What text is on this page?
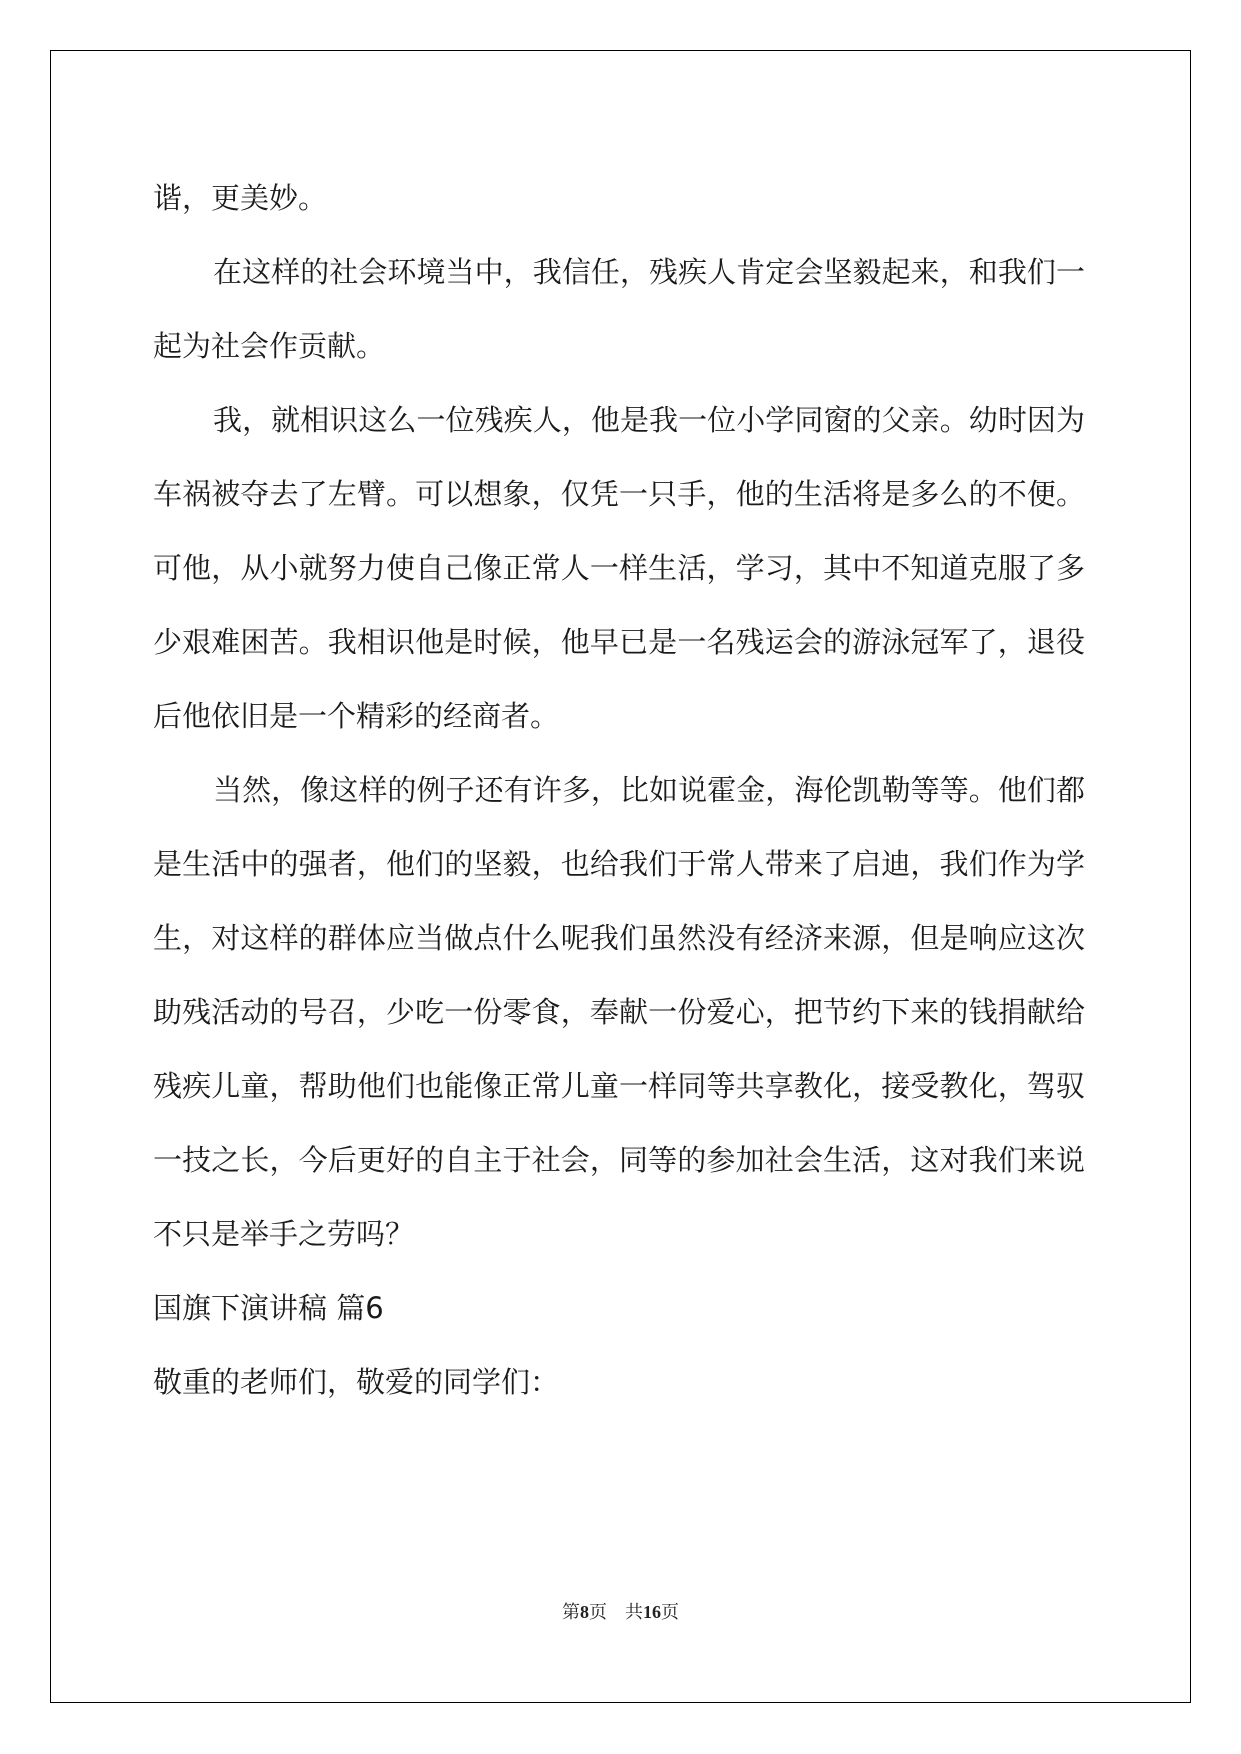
谐，更美妙。

在这样的社会环境当中，我信任，残疾人肯定会坚毅起来，和我们一起为社会作贡献。

我，就相识这么一位残疾人，他是我一位小学同窗的父亲。幼时因为车祸被夺去了左臂。可以想象，仅凭一只手，他的生活将是多么的不便。可他，从小就努力使自己像正常人一样生活，学习，其中不知道克服了多少艰难困苦。我相识他是时候，他早已是一名残运会的游泳冠军了，退役后他依旧是一个精彩的经商者。

当然，像这样的例子还有许多，比如说霍金，海伦凯勒等等。他们都是生活中的强者，他们的坚毅，也给我们于常人带来了启迪，我们作为学生，对这样的群体应当做点什么呢我们虽然没有经济来源，但是响应这次助残活动的号召，少吃一份零食，奉献一份爱心，把节约下来的钱捐献给残疾儿童，帮助他们也能像正常儿童一样同等共享教化，接受教化，驾驭一技之长，今后更好的自主于社会，同等的参加社会生活，这对我们来说不只是举手之劳吗？

国旗下演讲稿 篇6

敬重的老师们，敬爱的同学们：

第8页　共16页
